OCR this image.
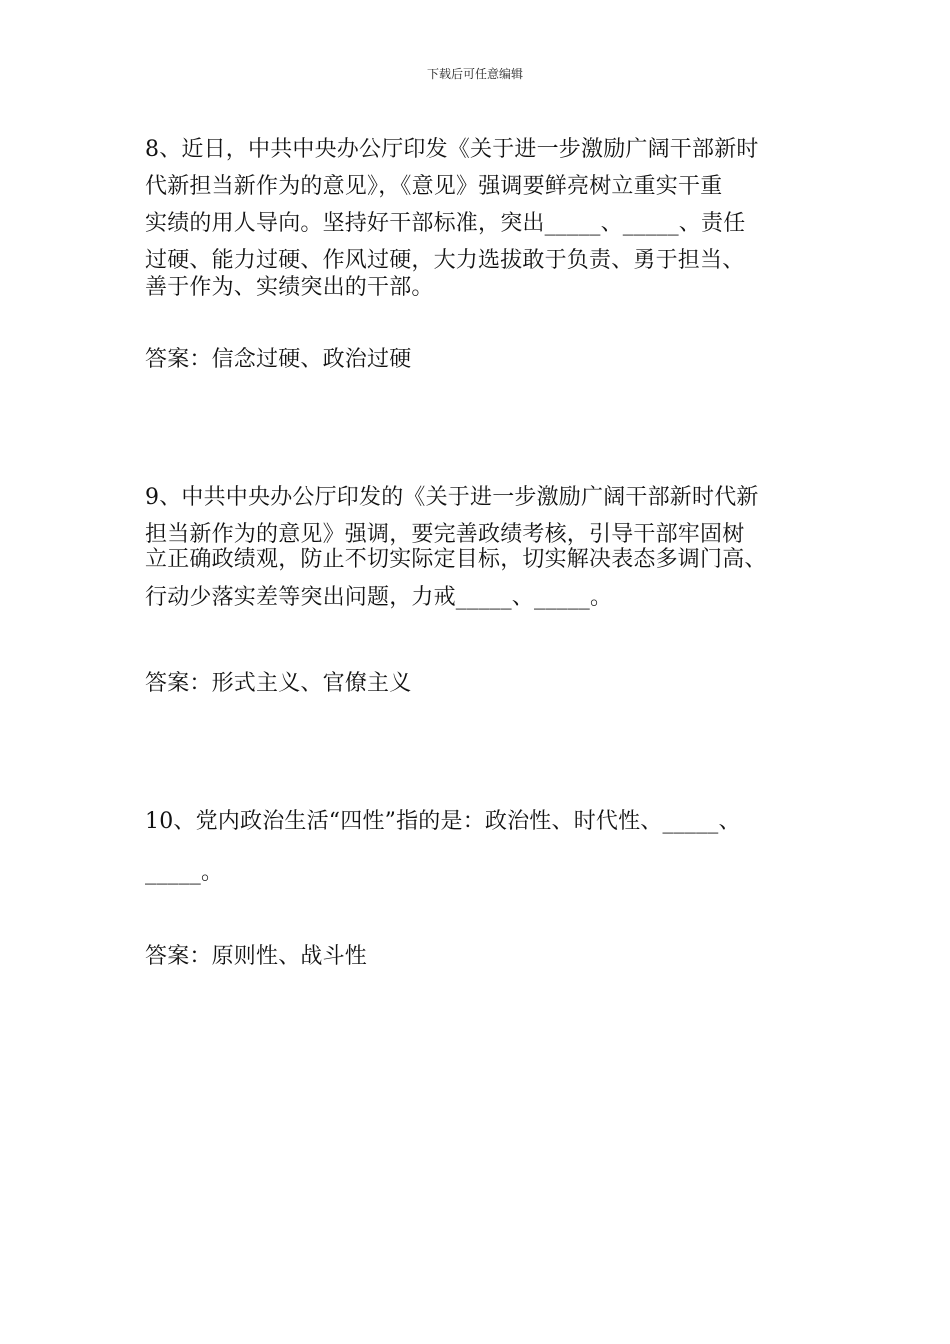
下载后可任意编辑
8、近日，中共中央办公厅印发《关于进一步激励广阔干部新时
代新担当新作为的意见》，《意见》强调要鲜亮树立重实干重
实绩的用人导向。坚持好干部标准，突出_____、_____、责任
过硬、能力过硬、作风过硬，大力选拔敢于负责、勇于担当、
善于作为、实绩突出的干部。
答案：信念过硬、政治过硬
9、中共中央办公厅印发的《关于进一步激励广阔干部新时代新
担当新作为的意见》强调，要完善政绩考核，引导干部牢固树
立正确政绩观，防止不切实际定目标，切实解决表态多调门高、
行动少落实差等突出问题，力戒_____、_____。
答案：形式主义、官僚主义
10、党内政治生活“四性”指的是：政治性、时代性、_____、
_____。
答案：原则性、战斗性
